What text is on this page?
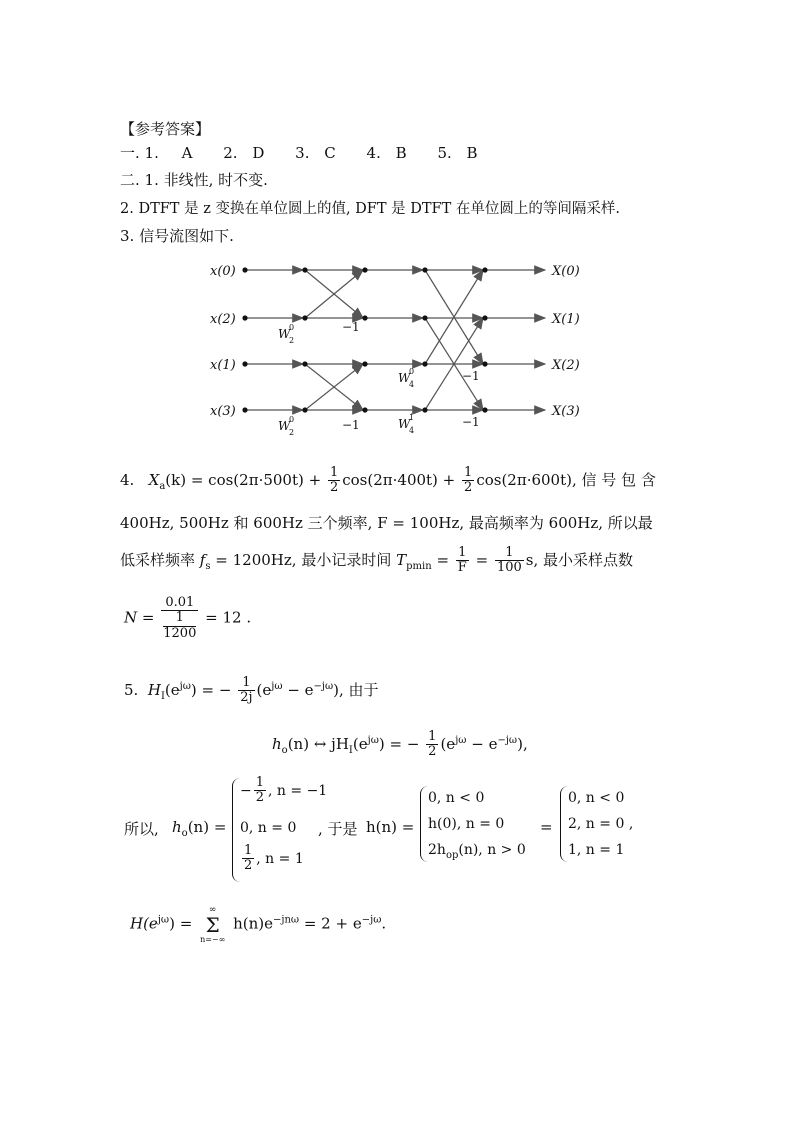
【参考答案】
一. 1. A 2. D 3. C 4. B 5. B
二. 1. 非线性, 时不变.
2. DTFT 是 z 变换在单位圆上的值, DFT 是 DTFT 在单位圆上的等间隔采样.
3. 信号流图如下.
x(0)
x(2)
x(1)
x(3)
X(0)
X(1)
X(2)
X(3)
W
2
0	−1
W
2
0	−1
W
4
0	−1
W
4
1	−1
4. $X_a(k) = \cos(2\pi\cdot 500t) + \frac{1}{2} \cos(2\pi\cdot 400t) + \frac{1}{2} \cos(2\pi\cdot 600t)$, 信 号 包 含
400Hz, 500Hz 和 600Hz 三个频率, F = 100Hz, 最高频率为 600Hz, 所以最
低采样频率 $f_s = 1200Hz$, 最小记录时间 $T_{pmin} = \frac{1}{F} = \frac{1}{100} s$, 最小采样点数
N = 0.01
1
1200 = 12 .
5. $H_I(e^{j\omega})$ = − $\frac{1}{2j} (e^{j\omega} - e^{-j\omega})$, 由于
$h_o(n)$ ↔ $jH_I(e^{j\omega})$ = − $\frac{1}{2} (e^{j\omega} - e^{-j\omega})$,
所以, $h_o(n)$ =
− $\frac{1}{2}$ , n = −1
0, n = 0
$\frac{1}{2}$ , n = 1
, 于是 h(n) =
0, n < 0
h(0), n = 0
$2h_{op}(n)$, n > 0
=
0, n < 0
2, n = 0 ,
1, n = 1
$H(e^{j\omega})$ =
∞
Σ
n=−∞
$h(n)e^{-jn\omega} = 2 + e^{-j\omega}$.
